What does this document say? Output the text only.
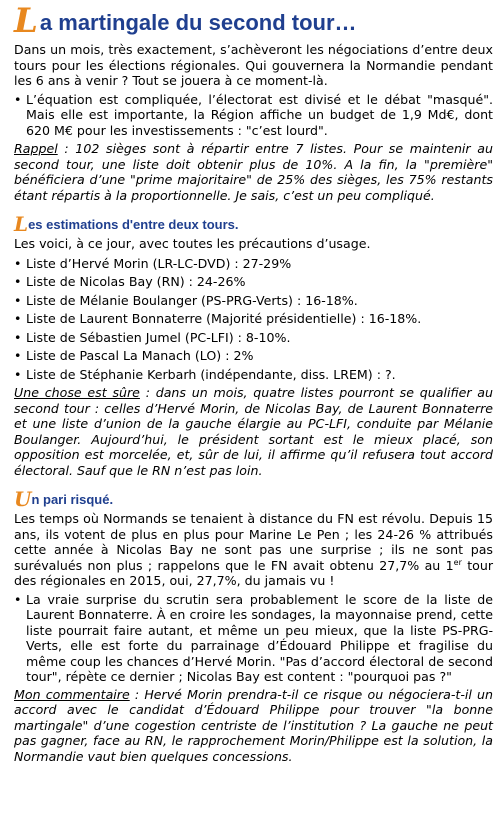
L a martingale du second tour…

Dans un mois, très exactement, s’achèveront les négociations d’entre deux tours pour les élections régionales. Qui gouvernera la Normandie pendant les 6 ans à venir ? Tout se jouera à ce moment-là.

• L’équation est compliquée, l’électorat est divisé et le débat "masqué". Mais elle est importante, la Région affiche un budget de 1,9 Md€, dont 620 M€ pour les investissements : "c’est lourd".

Rappel : 102 sièges sont à répartir entre 7 listes. Pour se maintenir au second tour, une liste doit obtenir plus de 10%. A la fin, la "première" bénéficiera d’une "prime majoritaire" de 25% des sièges, les 75% restants étant répartis à la proportionnelle. Je sais, c’est un peu compliqué.

L es estimations d'entre deux tours.

Les voici, à ce jour, avec toutes les précautions d’usage.

• Liste d’Hervé Morin (LR-LC-DVD) : 27-29%
• Liste de Nicolas Bay (RN) : 24-26%
• Liste de Mélanie Boulanger (PS-PRG-Verts) : 16-18%.
• Liste de Laurent Bonnaterre (Majorité présidentielle) : 16-18%.
• Liste de Sébastien Jumel (PC-LFI) : 8-10%.
• Liste de Pascal La Manach (LO) : 2%
• Liste de Stéphanie Kerbarh (indépendante, diss. LREM) : ?.

Une chose est sûre : dans un mois, quatre listes pourront se qualifier au second tour : celles d’Hervé Morin, de Nicolas Bay, de Laurent Bonnaterre et une liste d’union de la gauche élargie au PC-LFI, conduite par Mélanie Boulanger. Aujourd’hui, le président sortant est le mieux placé, son opposition est morcelée, et, sûr de lui, il affirme qu’il refusera tout accord électoral. Sauf que le RN n’est pas loin.

U n pari risqué.

Les temps où Normands se tenaient à distance du FN est révolu. Depuis 15 ans, ils votent de plus en plus pour Marine Le Pen ; les 24-26 % attribués cette année à Nicolas Bay ne sont pas une surprise ; ils ne sont pas surévalués non plus ; rappelons que le FN avait obtenu 27,7% au 1er tour des régionales en 2015, oui, 27,7%, du jamais vu !

• La vraie surprise du scrutin sera probablement le score de la liste de Laurent Bonnaterre. À en croire les sondages, la mayonnaise prend, cette liste pourrait faire autant, et même un peu mieux, que la liste PS-PRG-Verts, elle est forte du parrainage d’Édouard Philippe et fragilise du même coup les chances d’Hervé Morin. "Pas d’accord électoral de second tour", répète ce dernier ; Nicolas Bay est content : "pourquoi pas ?"

Mon commentaire : Hervé Morin prendra-t-il ce risque ou négociera-t-il un accord avec le candidat d’Édouard Philippe pour trouver "la bonne martingale" d’une cogestion centriste de l’institution ? La gauche ne peut pas gagner, face au RN, le rapprochement Morin/Philippe est la solution, la Normandie vaut bien quelques concessions.
